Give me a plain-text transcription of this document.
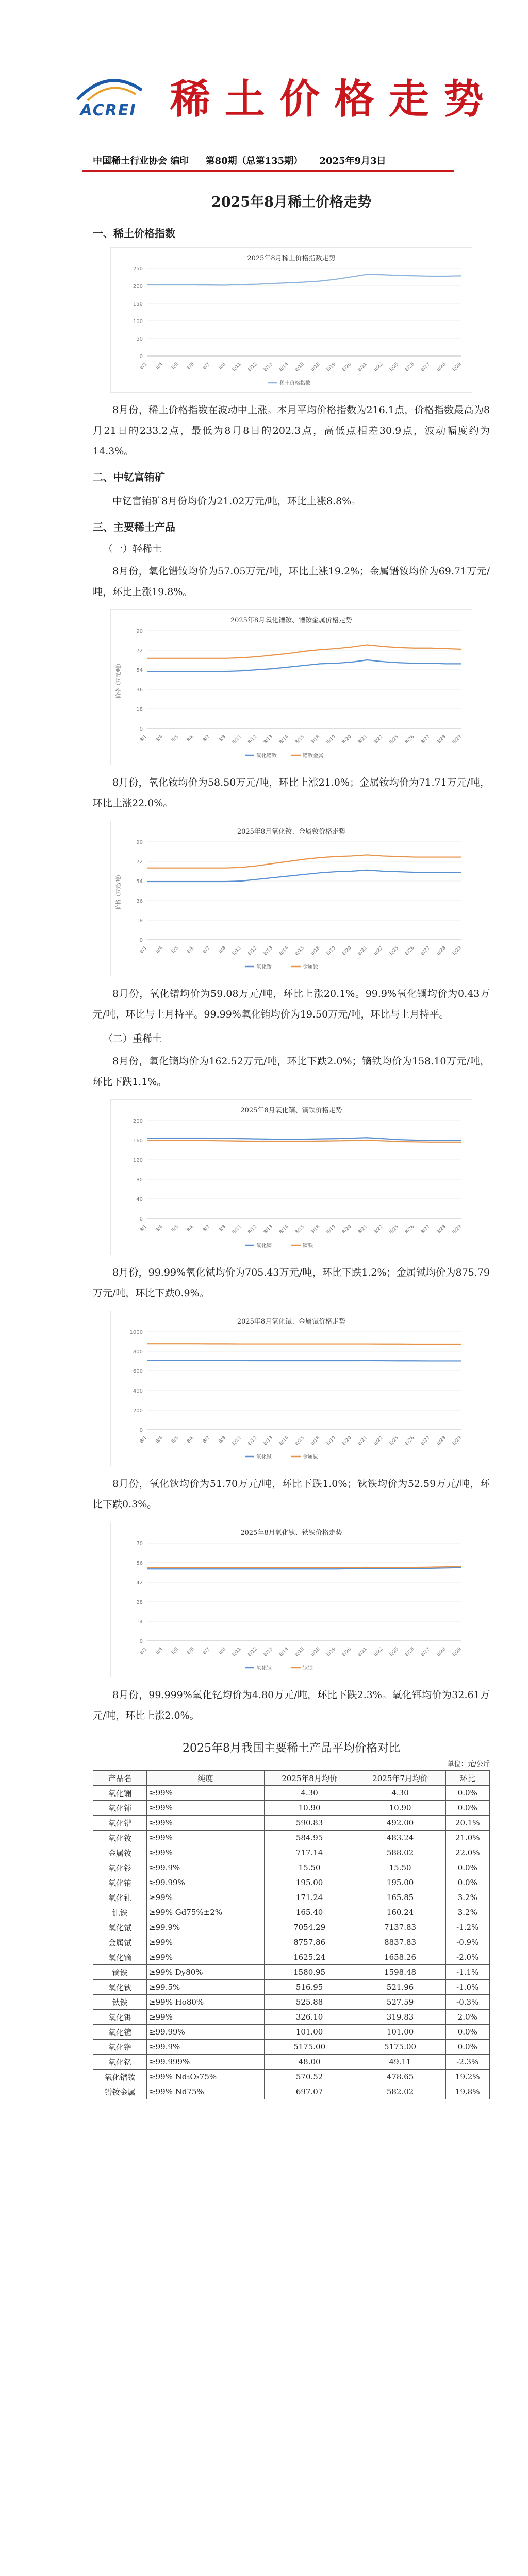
ACREI 稀土价格走势
中国稀土行业协会 编印 第80期（总第135期） 2025年9月3日
2025年8月稀土价格走势
一、稀土价格指数
2025年8月稀土价格指数走势
0
50
100
150
200
250
8/1 8/4 8/5 8/6 8/7 8/8 8/11 8/12 8/13 8/14 8/15 8/18 8/19 8/20 8/21 8/22 8/25 8/26 8/27 8/28 8/29
稀土价格指数

8月份，稀土价格指数在波动中上涨。本月平均价格指数为216.1点，价格指数最高为8月21日的233.2点，最低为8月8日的202.3点，高低点相差30.9点，波动幅度约为14.3%。

二、中钇富铕矿

中钇富铕矿8月份均价为21.02万元/吨，环比上涨8.8%。

三、主要稀土产品
（一）轻稀土

8月份，氧化镨钕均价为57.05万元/吨，环比上涨19.2%；金属镨钕均价为69.71万元/吨，环比上涨19.8%。

2025年8月氧化镨钕、镨钕金属价格走势
0
18
36
54
72
90
价格（万元/吨）
8/1 8/4 8/5 8/6 8/7 8/8 8/11 8/12 8/13 8/14 8/15 8/18 8/19 8/20 8/21 8/22 8/25 8/26 8/27 8/28 8/29
氧化镨钕	镨钕金属

8月份，氧化钕均价为58.50万元/吨，环比上涨21.0%；金属钕均价为71.71万元/吨，环比上涨22.0%。

2025年8月氧化钕、金属钕价格走势
0
18
36
54
72
90
价格（万元/吨）
8/1 8/4 8/5 8/6 8/7 8/8 8/11 8/12 8/13 8/14 8/15 8/18 8/19 8/20 8/21 8/22 8/25 8/26 8/27 8/28 8/29
氧化钕	金属钕

8月份，氧化镨均价为59.08万元/吨，环比上涨20.1%。99.9%氧化镧均价为0.43万元/吨，环比与上月持平。99.99%氧化铕均价为19.50万元/吨，环比与上月持平。

（二）重稀土

8月份，氧化镝均价为162.52万元/吨，环比下跌2.0%；镝铁均价为158.10万元/吨，环比下跌1.1%。

2025年8月氧化镝、镝铁价格走势
0
40
80
120
160
200
8/1 8/4 8/5 8/6 8/7 8/8 8/11 8/12 8/13 8/14 8/15 8/18 8/19 8/20 8/21 8/22 8/25 8/26 8/27 8/28 8/29
氧化镝	镝铁

8月份，99.99%氧化铽均价为705.43万元/吨，环比下跌1.2%；金属铽均价为875.79万元/吨，环比下跌0.9%。

2025年8月氧化铽、金属铽价格走势
0
200
400
600
800
1000
8/1 8/4 8/5 8/6 8/7 8/8 8/11 8/12 8/13 8/14 8/15 8/18 8/19 8/20 8/21 8/22 8/25 8/26 8/27 8/28 8/29
氧化铽	金属铽

8月份，氧化钬均价为51.70万元/吨，环比下跌1.0%；钬铁均价为52.59万元/吨，环比下跌0.3%。

2025年8月氧化钬、钬铁价格走势
0
14
28
42
56
70
8/1 8/4 8/5 8/6 8/7 8/8 8/11 8/12 8/13 8/14 8/15 8/18 8/19 8/20 8/21 8/22 8/25 8/26 8/27 8/28 8/29
氧化钬	钬铁

8月份，99.999%氧化钇均价为4.80万元/吨，环比下跌2.3%。氧化铒均价为32.61万元/吨，环比上涨2.0%。

2025年8月我国主要稀土产品平均价格对比
单位：元/公斤
产品名	纯度	2025年8月均价	2025年7月均价	环比
氧化镧	≥99%	4.30	4.30	0.0%
氧化铈	≥99%	10.90	10.90	0.0%
氧化镨	≥99%	590.83	492.00	20.1%
氧化钕	≥99%	584.95	483.24	21.0%
金属钕	≥99%	717.14	588.02	22.0%
氧化钐	≥99.9%	15.50	15.50	0.0%
氧化铕	≥99.99%	195.00	195.00	0.0%
氧化钆	≥99%	171.24	165.85	3.2%
钆铁	≥99% Gd75%±2%	165.40	160.24	3.2%
氧化铽	≥99.9%	7054.29	7137.83	-1.2%
金属铽	≥99%	8757.86	8837.83	-0.9%
氧化镝	≥99%	1625.24	1658.26	-2.0%
镝铁	≥99% Dy80%	1580.95	1598.48	-1.1%
氧化钬	≥99.5%	516.95	521.96	-1.0%
钬铁	≥99% Ho80%	525.88	527.59	-0.3%
氧化铒	≥99%	326.10	319.83	2.0%
氧化镱	≥99.99%	101.00	101.00	0.0%
氧化镥	≥99.9%	5175.00	5175.00	0.0%
氧化钇	≥99.999%	48.00	49.11	-2.3%
氧化镨钕	≥99% Nd₂O₃75%	570.52	478.65	19.2%
镨钕金属	≥99% Nd75%	697.07	582.02	19.8%
